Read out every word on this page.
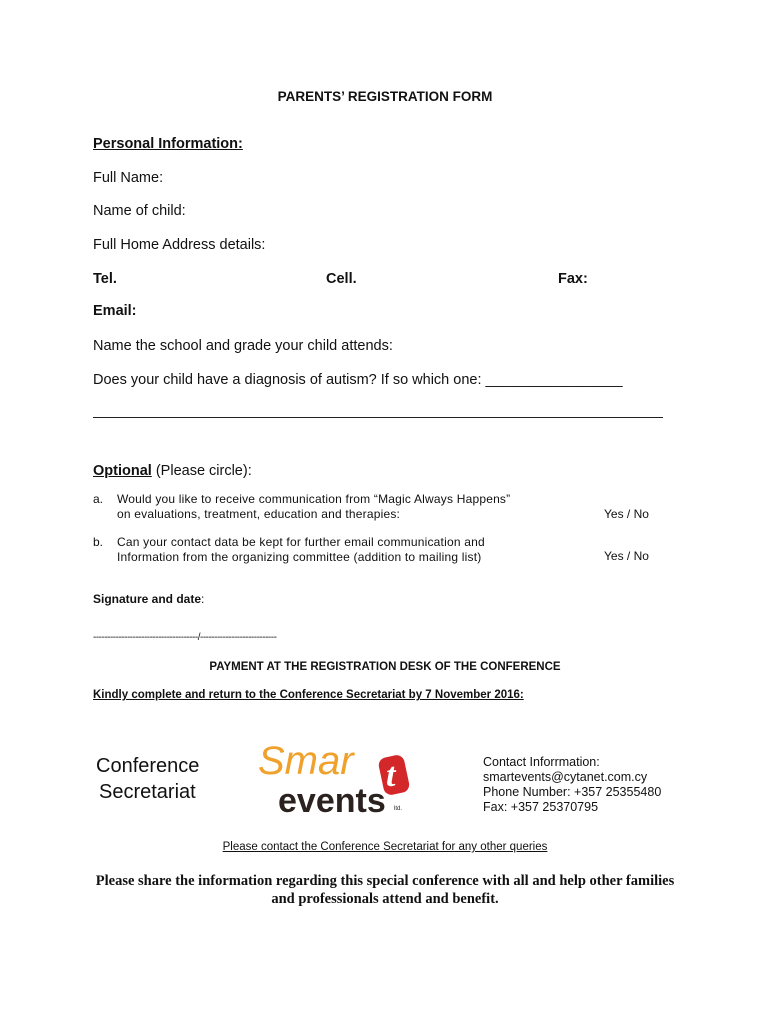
PARENTS’ REGISTRATION FORM
Personal Information:
Full Name:
Name of child:
Full Home Address details:
Tel.	Cell.	Fax:
Email:
Name the school and grade your child attends:
Does your child have a diagnosis of autism? If so which one: _________________
Optional (Please circle):
a. Would you like to receive communication from “Magic Always Happens”
on evaluations, treatment, education and therapies:	Yes / No
b. Can your contact data be kept for further email communication and
Information from the organizing committee (addition to mailing list)	Yes / No
Signature and date:
-------------------------------------/---------------------------
PAYMENT AT THE REGISTRATION DESK OF THE CONFERENCE
Kindly complete and return to the Conference Secretariat by 7 November 2016:
Conference
Secretariat
Smar t
events ltd.
Contact Inforrmation:
smartevents@cytanet.com.cy
Phone Number: +357 25355480
Fax: +357 25370795
Please contact the Conference Secretariat for any other queries
Please share the information regarding this special conference with all and help other families and professionals attend and benefit.
